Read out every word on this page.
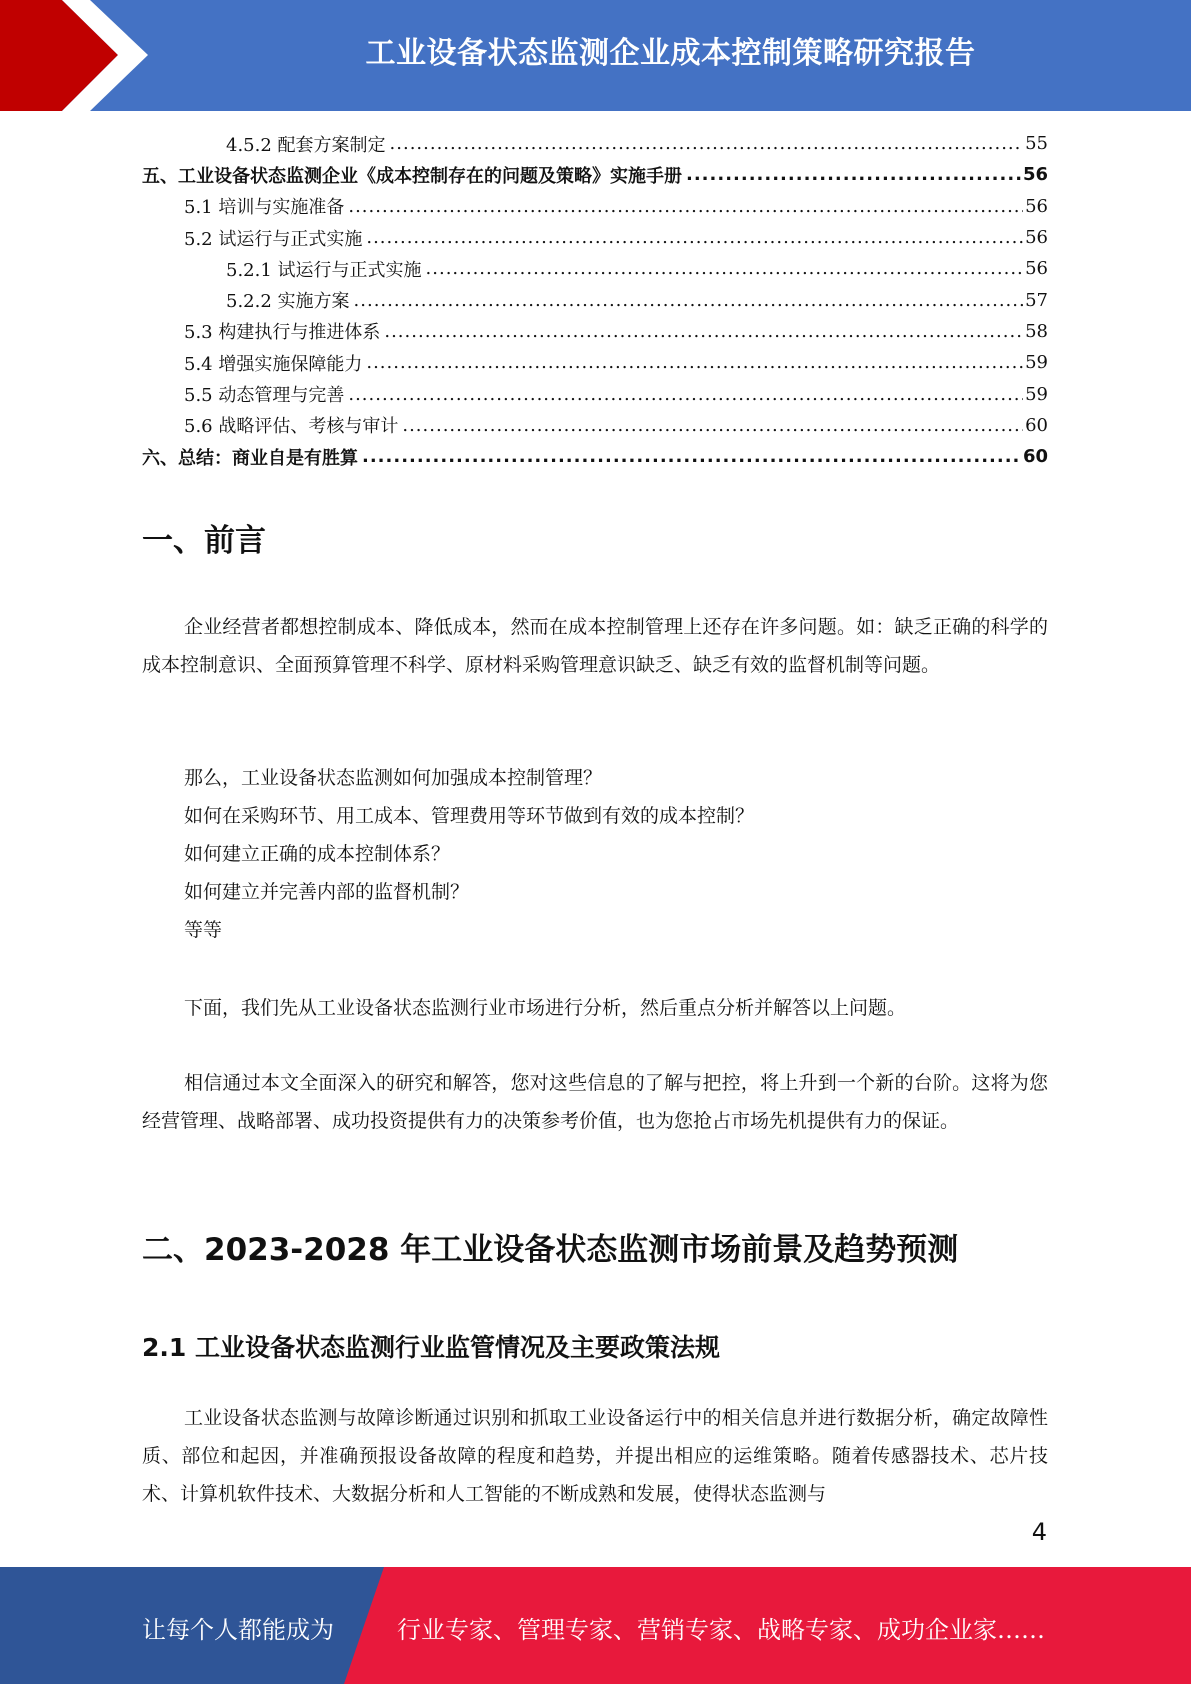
工业设备状态监测企业成本控制策略研究报告
4.5.2 配套方案制定 .....	55
五、工业设备状态监测企业《成本控制存在的问题及策略》实施手册 .....	56
5.1 培训与实施准备 .....	56
5.2 试运行与正式实施 .....	56
5.2.1 试运行与正式实施 .....	56
5.2.2 实施方案 .....	57
5.3 构建执行与推进体系 .....	58
5.4 增强实施保障能力 .....	59
5.5 动态管理与完善 .....	59
5.6 战略评估、考核与审计 .....	60
六、总结：商业自是有胜算 .....	60
一、前言

企业经营者都想控制成本、降低成本，然而在成本控制管理上还存在许多问题。如：缺乏正确的科学的成本控制意识、全面预算管理不科学、原材料采购管理意识缺乏、缺乏有效的监督机制等问题。

那么，工业设备状态监测如何加强成本控制管理？
如何在采购环节、用工成本、管理费用等环节做到有效的成本控制？
如何建立正确的成本控制体系？
如何建立并完善内部的监督机制？
等等

下面，我们先从工业设备状态监测行业市场进行分析，然后重点分析并解答以上问题。

相信通过本文全面深入的研究和解答，您对这些信息的了解与把控，将上升到一个新的台阶。这将为您经营管理、战略部署、成功投资提供有力的决策参考价值，也为您抢占市场先机提供有力的保证。

二、2023-2028 年工业设备状态监测市场前景及趋势预测
2.1 工业设备状态监测行业监管情况及主要政策法规

工业设备状态监测与故障诊断通过识别和抓取工业设备运行中的相关信息并进行数据分析，确定故障性质、部位和起因，并准确预报设备故障的程度和趋势，并提出相应的运维策略。随着传感器技术、芯片技术、计算机软件技术、大数据分析和人工智能的不断成熟和发展，使得状态监测与

4
让每个人都能成为	行业专家、管理专家、营销专家、战略专家、成功企业家……
